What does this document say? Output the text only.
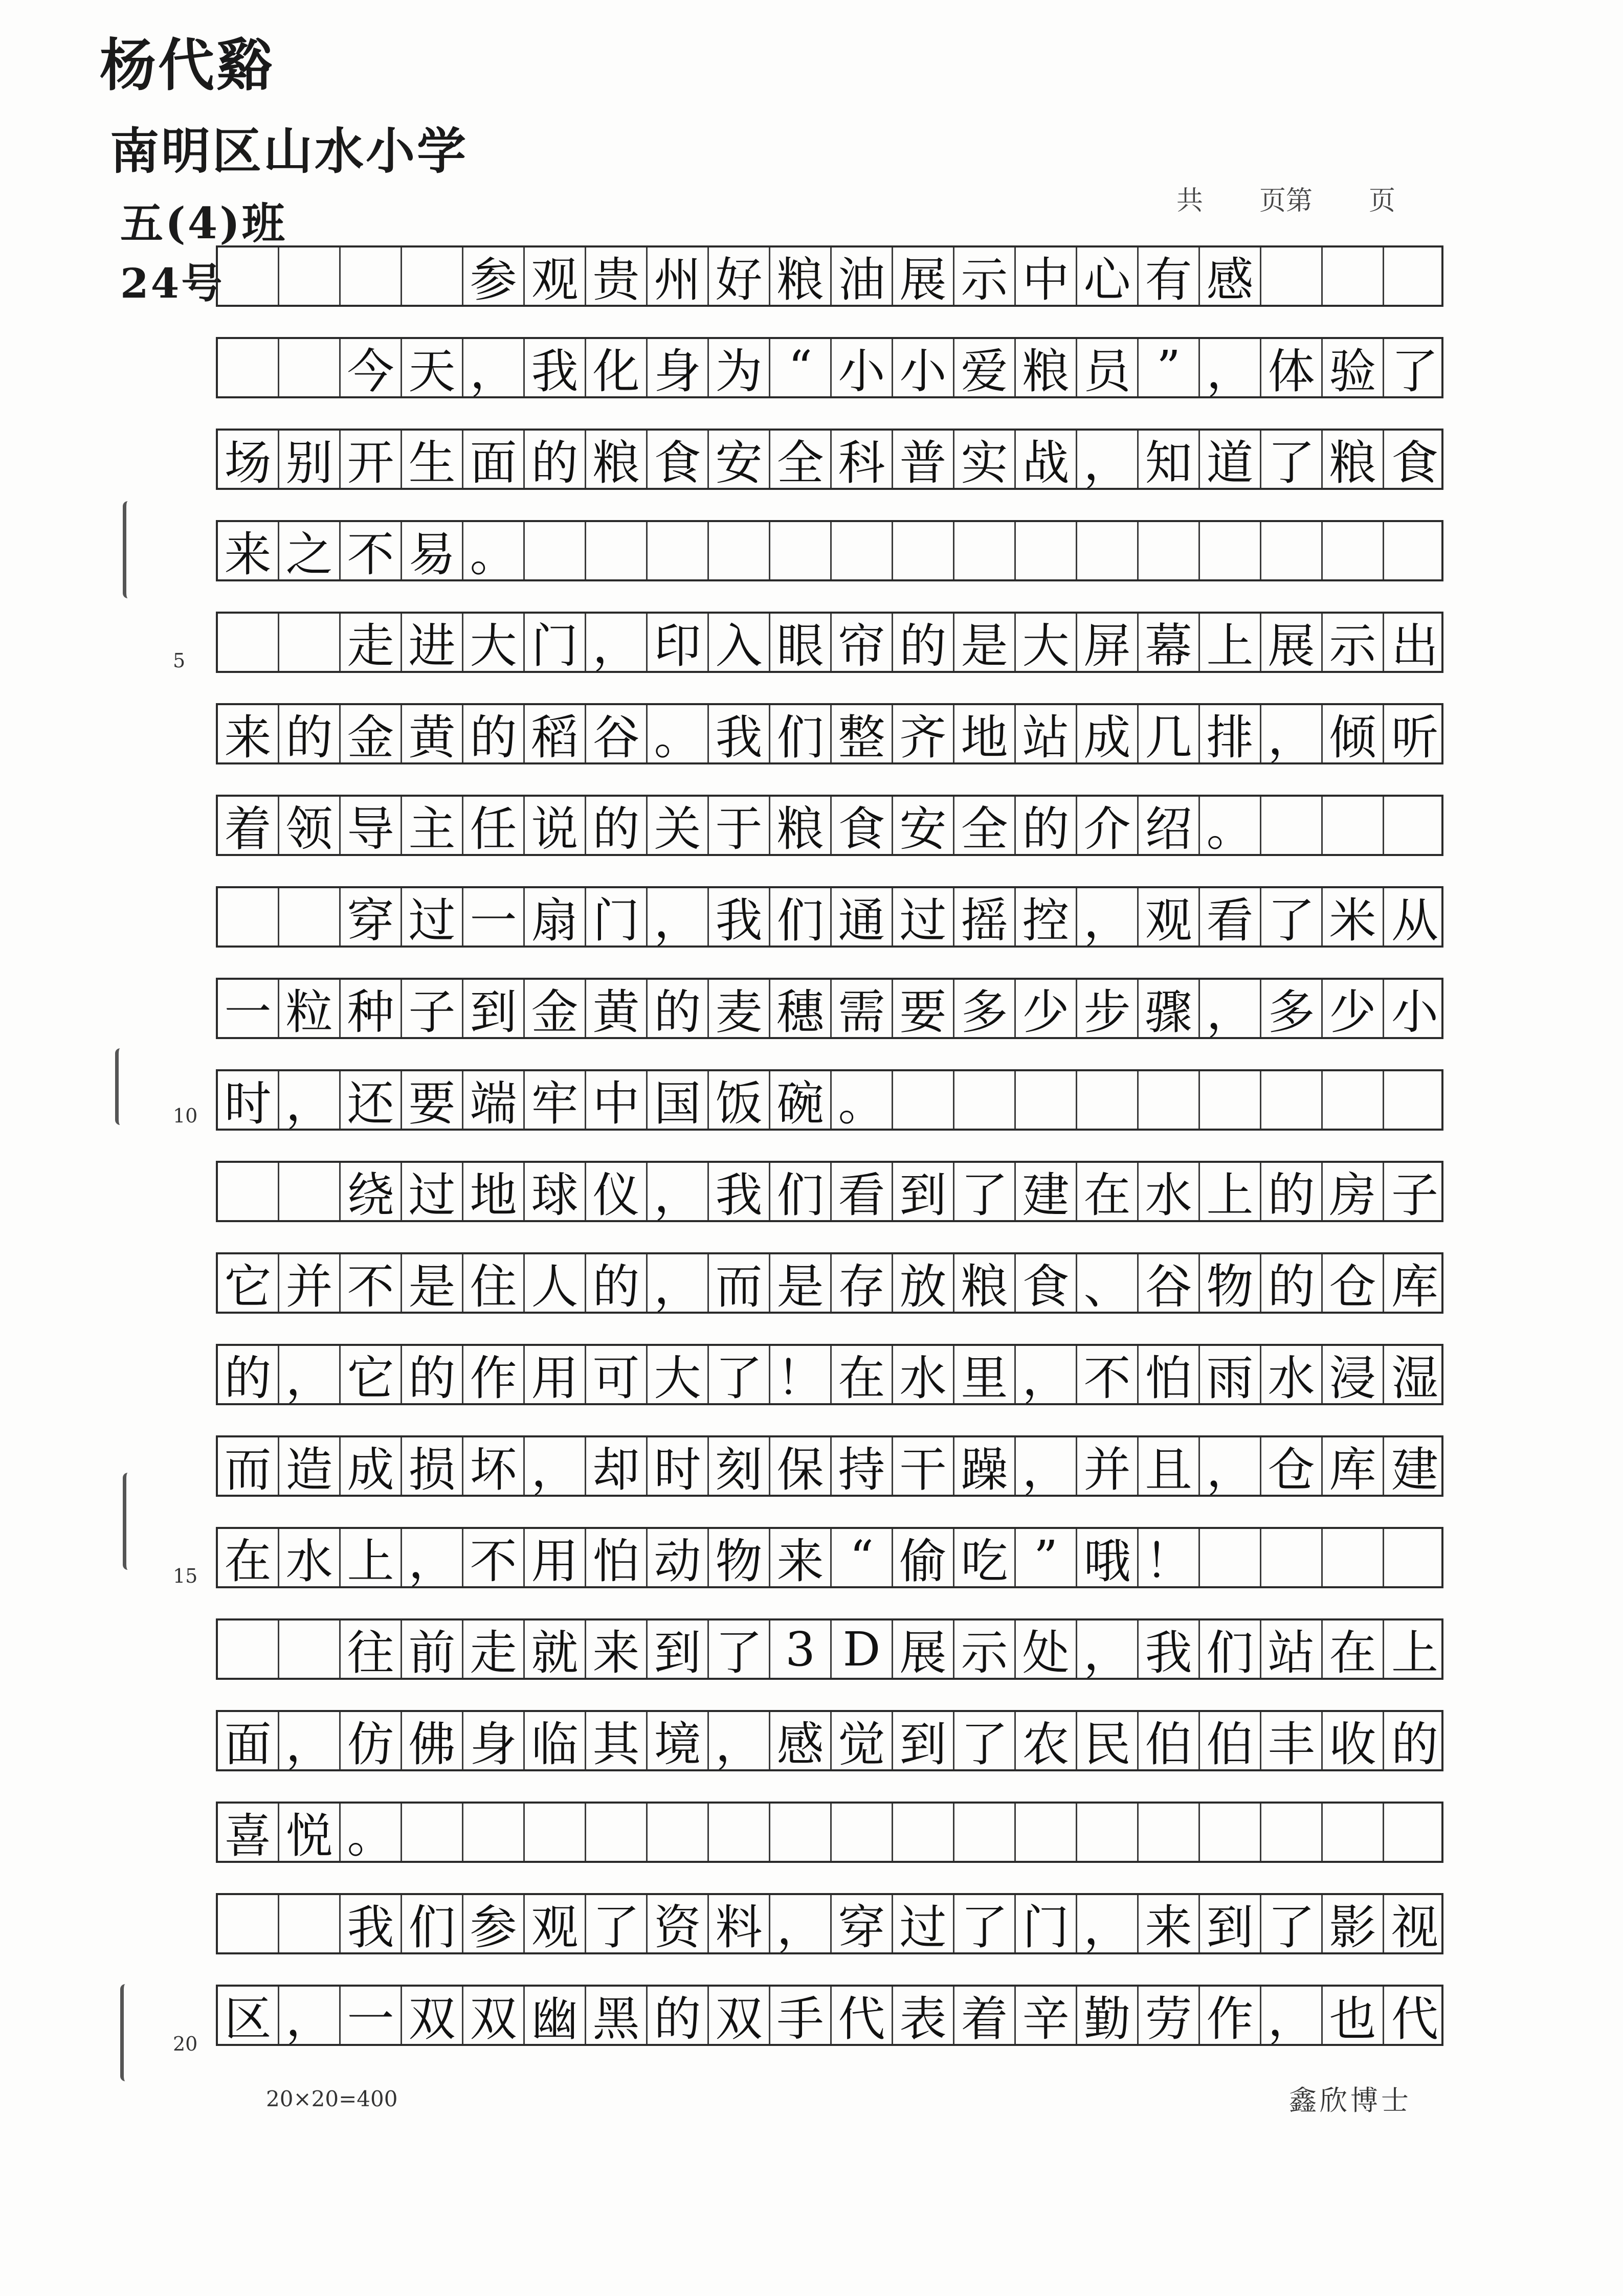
杨代谿
南明区山水小学
五(4)班
24号
共 页第 页
5
10
15
20
参 观 贵 州 好 粮 油 展 示 中 心 有 感
今 天 ， 我 化 身 为 “ 小 小 爱 粮 员 ” ， 体 验 了
场 别 开 生 面 的 粮 食 安 全 科 普 实 战 ， 知 道 了 粮 食
来 之 不 易 。
走 进 大 门 ， 印 入 眼 帘 的 是 大 屏 幕 上 展 示 出
来 的 金 黄 的 稻 谷 。 我 们 整 齐 地 站 成 几 排 ， 倾 听
着 领 导 主 任 说 的 关 于 粮 食 安 全 的 介 绍 。
穿 过 一 扇 门 ， 我 们 通 过 摇 控 ， 观 看 了 米 从
一 粒 种 子 到 金 黄 的 麦 穗 需 要 多 少 步 骤 ， 多 少 小
时 ， 还 要 端 牢 中 国 饭 碗 。
绕 过 地 球 仪 ， 我 们 看 到 了 建 在 水 上 的 房 子
它 并 不 是 住 人 的 ， 而 是 存 放 粮 食 、 谷 物 的 仓 库
的 ， 它 的 作 用 可 大 了 ！ 在 水 里 ， 不 怕 雨 水 浸 湿
而 造 成 损 坏 ， 却 时 刻 保 持 干 躁 ， 并 且 ， 仓 库 建
在 水 上 ， 不 用 怕 动 物 来 “ 偷 吃 ” 哦 ！
往 前 走 就 来 到 了 3 D 展 示 处 ， 我 们 站 在 上
面 ， 仿 佛 身 临 其 境 ， 感 觉 到 了 农 民 伯 伯 丰 收 的
喜 悦 。
我 们 参 观 了 资 料 ， 穿 过 了 门 ， 来 到 了 影 视
区 ， 一 双 双 幽 黑 的 双 手 代 表 着 辛 勤 劳 作 ， 也 代
20×20=400	鑫欣博士
